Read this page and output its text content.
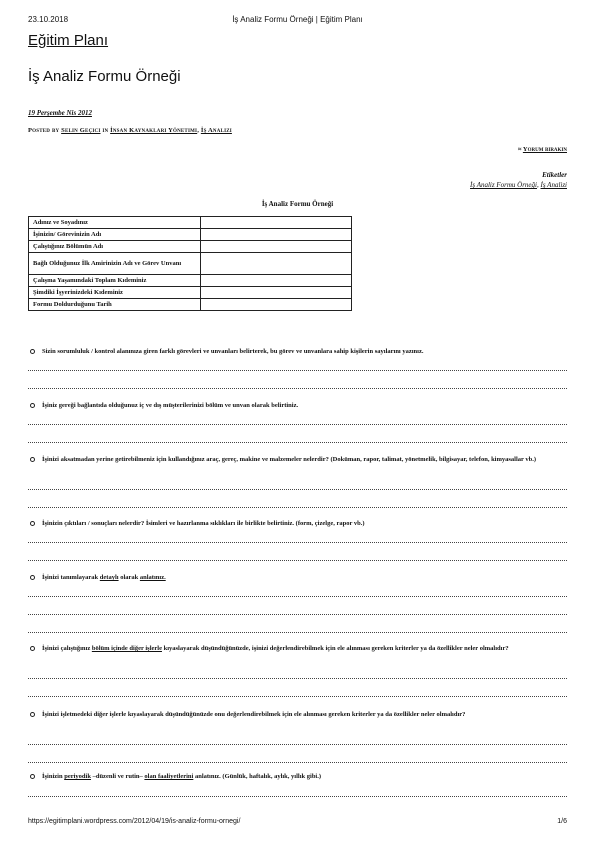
23.10.2018	İş Analiz Formu Örneği | Eğitim Planı
Eğitim Planı
İş Analiz Formu Örneği
19 Perşembe Nis 2012
Posted by Selin Geçici in İnsan Kaynakları Yönetimi, İş Analizi
≈ Yorum bırakın
Etiketler
İş Analiz Formu Örneği, İş Analizi
İş Analiz Formu Örneği
Adınız ve Soyadınız	
İşinizin/ Görevinizin Adı	
Çalıştığınız Bölümün Adı	
Bağlı Olduğunuz İlk Amirinizin Adı ve Görev Unvanı	
Çalışma Yaşamındaki Toplam Kıdeminiz	
Şimdiki İşyerinizdeki Kıdeminiz	
Formu Doldurduğunu Tarih	
Sizin sorumluluk / kontrol alanınıza giren farklı görevleri ve unvanları belirterek, bu görev ve unvanlara sahip kişilerin sayılarını yazınız.
İşiniz gereği bağlantıda olduğunuz iç ve dış müşterilerinizi bölüm ve unvan olarak belirtiniz.
İşinizi aksatmadan yerine getirebilmeniz için kullandığınız araç, gereç, makine ve malzemeler nelerdir? (Doküman, rapor, talimat, yönetmelik, bilgisayar, telefon, kimyasallar vb.)
İşinizin çıktıları / sonuçları nelerdir? İsimleri ve hazırlanma sıklıkları ile birlikte belirtiniz. (form, çizelge, rapor vb.)
İşinizi tanımlayarak detaylı olarak anlatınız.
İşinizi çalıştığınız bölüm içinde diğer işlerle kıyaslayarak düşündüğünüzde, işinizi değerlendirebilmek için ele alınması gereken kriterler ya da özellikler neler olmalıdır?
İşinizi işletmedeki diğer işlerle kıyaslayarak düşündüğünüzde onu değerlendirebilmek için ele alınması gereken kriterler ya da özellikler neler olmalıdır?
İşinizin periyodik –düzenli ve rutin– olan faaliyetlerini anlatınız. (Günlük, haftalık, aylık, yıllık gibi.)
https://egitimplani.wordpress.com/2012/04/19/is-analiz-formu-ornegi/	1/6
